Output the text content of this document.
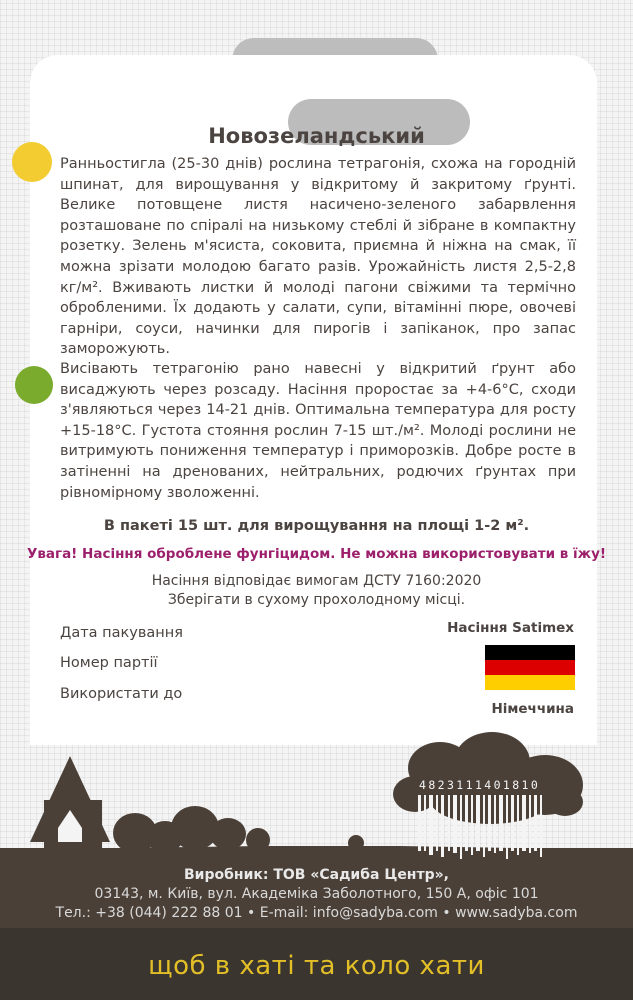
Новозеландський

Ранньостигла (25-30 днів) рослина тетрагонія, схожа на городній шпинат, для вирощування у відкритому й закритому ґрунті. Велике потовщене листя насичено-зеленого забарвлення розташоване по спіралі на низькому стеблі й зібране в компактну розетку. Зелень м'ясиста, соковита, приємна й ніжна на смак, її можна зрізати молодою багато разів. Урожайність листя 2,5-2,8 кг/м². Вживають листки й молоді пагони свіжими та термічно обробленими. Їх додають у салати, супи, вітамінні пюре, овочеві гарніри, соуси, начинки для пирогів і запіканок, про запас заморожують.

Висівають тетрагонію рано навесні у відкритий ґрунт або висаджують через розсаду. Насіння проростає за +4-6°С, сходи з'являються через 14-21 днів. Оптимальна температура для росту +15-18°С. Густота стояння рослин 7-15 шт./м². Молоді рослини не витримують пониження температур і приморозків. Добре росте в затіненні на дренованих, нейтральних, родючих ґрунтах при рівномірному зволоженні.

В пакеті 15 шт. для вирощування на площі 1-2 м².
Увага! Насіння оброблене фунгіцидом. Не можна використовувати в їжу!
Насіння відповідає вимогам ДСТУ 7160:2020
Зберігати в сухому прохолодному місці.
Дата пакування
Номер партії
Використати до
Насіння Satimex
Німеччина
4823111401810
Виробник: ТОВ «Садиба Центр»,
03143, м. Київ, вул. Академіка Заболотного, 150 А, офіс 101
Тел.: +38 (044) 222 88 01 • E-mail: info@sadyba.com • www.sadyba.com
щоб в хаті та коло хати
